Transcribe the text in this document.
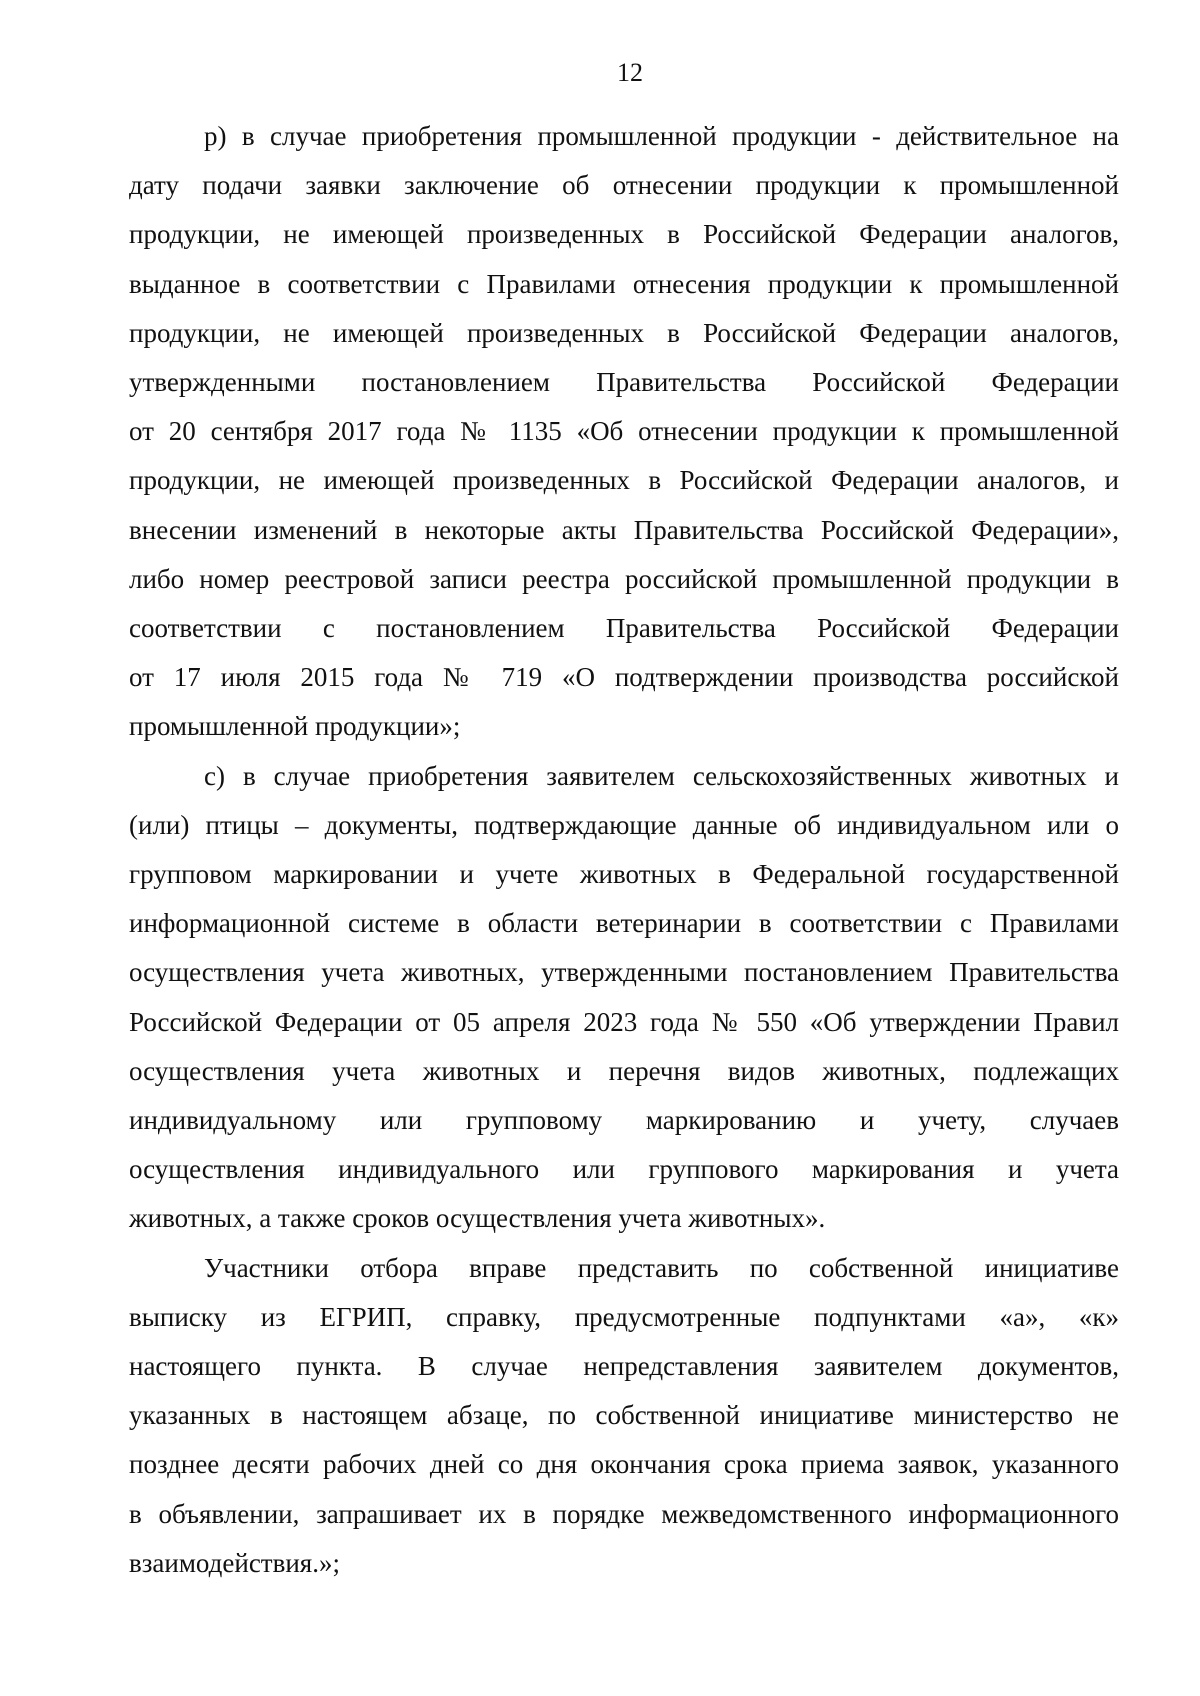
12
р) в случае приобретения промышленной продукции - действительное на
дату подачи заявки заключение об отнесении продукции к промышленной
продукции, не имеющей произведенных в Российской Федерации аналогов,
выданное в соответствии с Правилами отнесения продукции к промышленной
продукции, не имеющей произведенных в Российской Федерации аналогов,
утвержденными постановлением Правительства Российской Федерации
от 20 сентября 2017 года № 1135 «Об отнесении продукции к промышленной
продукции, не имеющей произведенных в Российской Федерации аналогов, и
внесении изменений в некоторые акты Правительства Российской Федерации»,
либо номер реестровой записи реестра российской промышленной продукции в
соответствии с постановлением Правительства Российской Федерации
от 17 июля 2015 года № 719 «О подтверждении производства российской
промышленной продукции»;
с) в случае приобретения заявителем сельскохозяйственных животных и
(или) птицы – документы, подтверждающие данные об индивидуальном или о
групповом маркировании и учете животных в Федеральной государственной
информационной системе в области ветеринарии в соответствии с Правилами
осуществления учета животных, утвержденными постановлением Правительства
Российской Федерации от 05 апреля 2023 года № 550 «Об утверждении Правил
осуществления учета животных и перечня видов животных, подлежащих
индивидуальному или групповому маркированию и учету, случаев
осуществления индивидуального или группового маркирования и учета
животных, а также сроков осуществления учета животных».
Участники отбора вправе представить по собственной инициативе
выписку из ЕГРИП, справку, предусмотренные подпунктами «а», «к»
настоящего пункта. В случае непредставления заявителем документов,
указанных в настоящем абзаце, по собственной инициативе министерство не
позднее десяти рабочих дней со дня окончания срока приема заявок, указанного
в объявлении, запрашивает их в порядке межведомственного информационного
взаимодействия.»;
